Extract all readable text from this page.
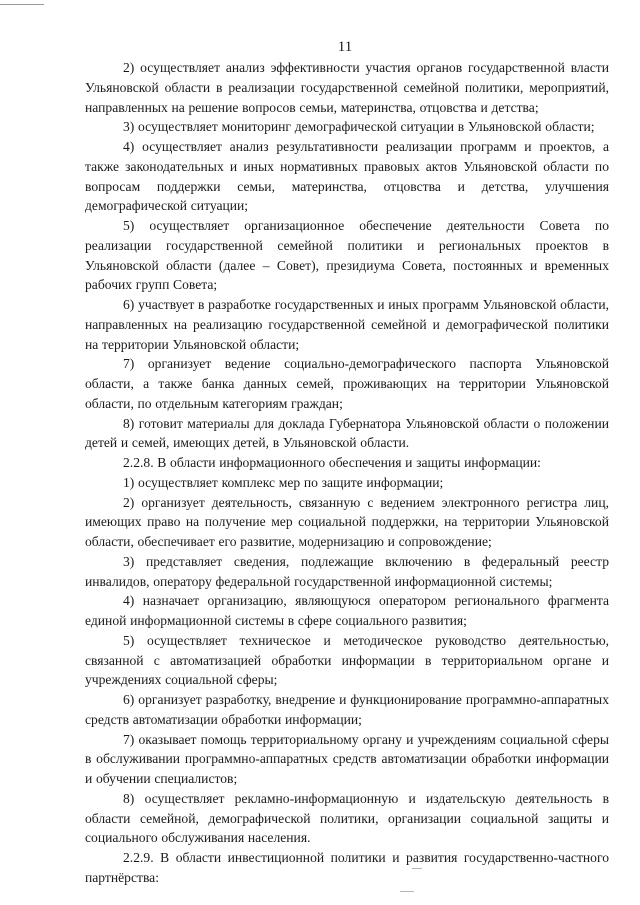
11

2) осуществляет анализ эффективности участия органов государственной власти Ульяновской области в реализации государственной семейной политики, мероприятий, направленных на решение вопросов семьи, материнства, отцовства и детства;

3) осуществляет мониторинг демографической ситуации в Ульяновской области;

4) осуществляет анализ результативности реализации программ и проектов, а также законодательных и иных нормативных правовых актов Ульяновской области по вопросам поддержки семьи, материнства, отцовства и детства, улучшения демографической ситуации;

5) осуществляет организационное обеспечение деятельности Совета по реализации государственной семейной политики и региональных проектов в Ульяновской области (далее – Совет), президиума Совета, постоянных и временных рабочих групп Совета;

6) участвует в разработке государственных и иных программ Ульяновской области, направленных на реализацию государственной семейной и демографической политики на территории Ульяновской области;

7) организует ведение социально-демографического паспорта Ульяновской области, а также банка данных семей, проживающих на территории Ульяновской области, по отдельным категориям граждан;

8) готовит материалы для доклада Губернатора Ульяновской области о положении детей и семей, имеющих детей, в Ульяновской области.

2.2.8. В области информационного обеспечения и защиты информации:

1) осуществляет комплекс мер по защите информации;

2) организует деятельность, связанную с ведением электронного регистра лиц, имеющих право на получение мер социальной поддержки, на территории Ульяновской области, обеспечивает его развитие, модернизацию и сопровождение;

3) представляет сведения, подлежащие включению в федеральный реестр инвалидов, оператору федеральной государственной информационной системы;

4) назначает организацию, являющуюся оператором регионального фрагмента единой информационной системы в сфере социального развития;

5) осуществляет техническое и методическое руководство деятельностью, связанной с автоматизацией обработки информации в территориальном органе и учреждениях социальной сферы;

6) организует разработку, внедрение и функционирование программно-аппаратных средств автоматизации обработки информации;

7) оказывает помощь территориальному органу и учреждениям социальной сферы в обслуживании программно-аппаратных средств автоматизации обработки информации и обучении специалистов;

8) осуществляет рекламно-информационную и издательскую деятельность в области семейной, демографической политики, организации социальной защиты и социального обслуживания населения.

2.2.9. В области инвестиционной политики и развития государственно-частного партнёрства:
